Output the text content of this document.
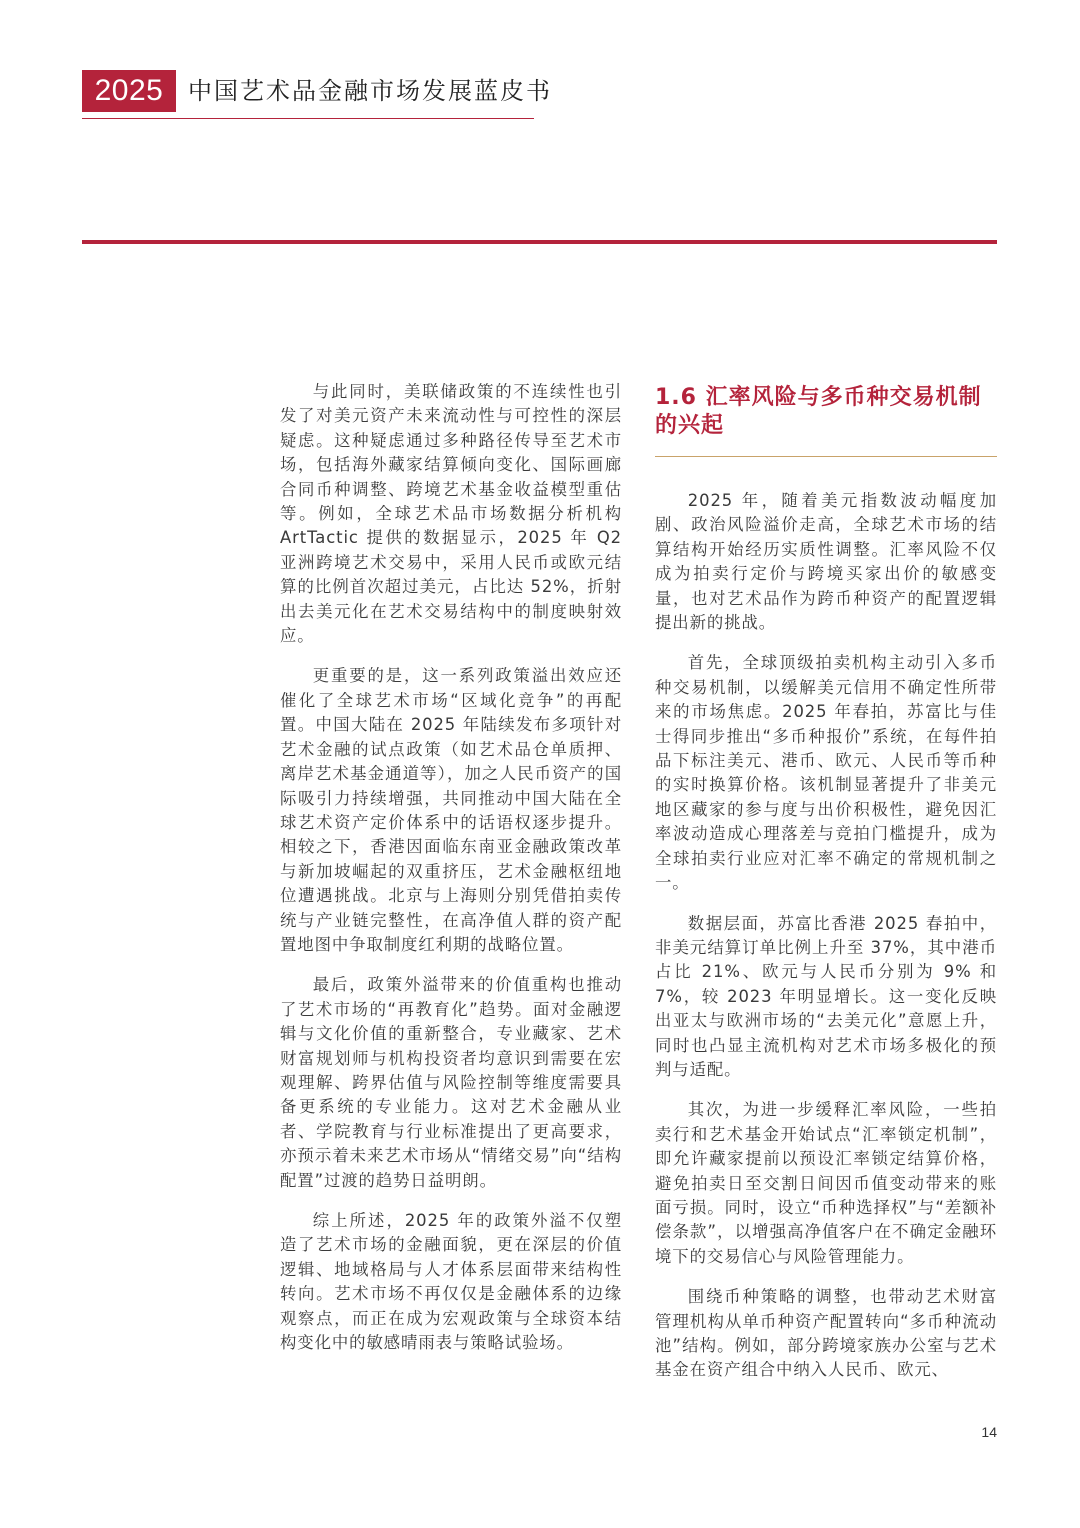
2025	中国艺术品金融市场发展蓝皮书

与此同时，美联储政策的不连续性也引发了对美元资产未来流动性与可控性的深层疑虑。这种疑虑通过多种路径传导至艺术市场，包括海外藏家结算倾向变化、国际画廊合同币种调整、跨境艺术基金收益模型重估等。例如，全球艺术品市场数据分析机构 ArtTactic 提供的数据显示，2025 年 Q2 亚洲跨境艺术交易中，采用人民币或欧元结算的比例首次超过美元，占比达 52%，折射出去美元化在艺术交易结构中的制度映射效应。

更重要的是，这一系列政策溢出效应还催化了全球艺术市场“区域化竞争”的再配置。中国大陆在 2025 年陆续发布多项针对艺术金融的试点政策（如艺术品仓单质押、离岸艺术基金通道等），加之人民币资产的国际吸引力持续增强，共同推动中国大陆在全球艺术资产定价体系中的话语权逐步提升。相较之下，香港因面临东南亚金融政策改革与新加坡崛起的双重挤压，艺术金融枢纽地位遭遇挑战。北京与上海则分别凭借拍卖传统与产业链完整性，在高净值人群的资产配置地图中争取制度红利期的战略位置。

最后，政策外溢带来的价值重构也推动了艺术市场的“再教育化”趋势。面对金融逻辑与文化价值的重新整合，专业藏家、艺术财富规划师与机构投资者均意识到需要在宏观理解、跨界估值与风险控制等维度需要具备更系统的专业能力。这对艺术金融从业者、学院教育与行业标准提出了更高要求，亦预示着未来艺术市场从“情绪交易”向“结构配置”过渡的趋势日益明朗。

综上所述，2025 年的政策外溢不仅塑造了艺术市场的金融面貌，更在深层的价值逻辑、地域格局与人才体系层面带来结构性转向。艺术市场不再仅仅是金融体系的边缘观察点，而正在成为宏观政策与全球资本结构变化中的敏感晴雨表与策略试验场。

1.6 汇率风险与多币种交易机制的兴起

2025 年，随着美元指数波动幅度加剧、政治风险溢价走高，全球艺术市场的结算结构开始经历实质性调整。汇率风险不仅成为拍卖行定价与跨境买家出价的敏感变量，也对艺术品作为跨币种资产的配置逻辑提出新的挑战。

首先，全球顶级拍卖机构主动引入多币种交易机制，以缓解美元信用不确定性所带来的市场焦虑。2025 年春拍，苏富比与佳士得同步推出“多币种报价”系统，在每件拍品下标注美元、港币、欧元、人民币等币种的实时换算价格。该机制显著提升了非美元地区藏家的参与度与出价积极性，避免因汇率波动造成心理落差与竞拍门槛提升，成为全球拍卖行业应对汇率不确定的常规机制之一。

数据层面，苏富比香港 2025 春拍中，非美元结算订单比例上升至 37%，其中港币占比 21%、欧元与人民币分别为 9% 和 7%，较 2023 年明显增长。这一变化反映出亚太与欧洲市场的“去美元化”意愿上升，同时也凸显主流机构对艺术市场多极化的预判与适配。

其次，为进一步缓释汇率风险，一些拍卖行和艺术基金开始试点“汇率锁定机制”，即允许藏家提前以预设汇率锁定结算价格，避免拍卖日至交割日间因币值变动带来的账面亏损。同时，设立“币种选择权”与“差额补偿条款”，以增强高净值客户在不确定金融环境下的交易信心与风险管理能力。

围绕币种策略的调整，也带动艺术财富管理机构从单币种资产配置转向“多币种流动池”结构。例如，部分跨境家族办公室与艺术基金在资产组合中纳入人民币、欧元、

14
